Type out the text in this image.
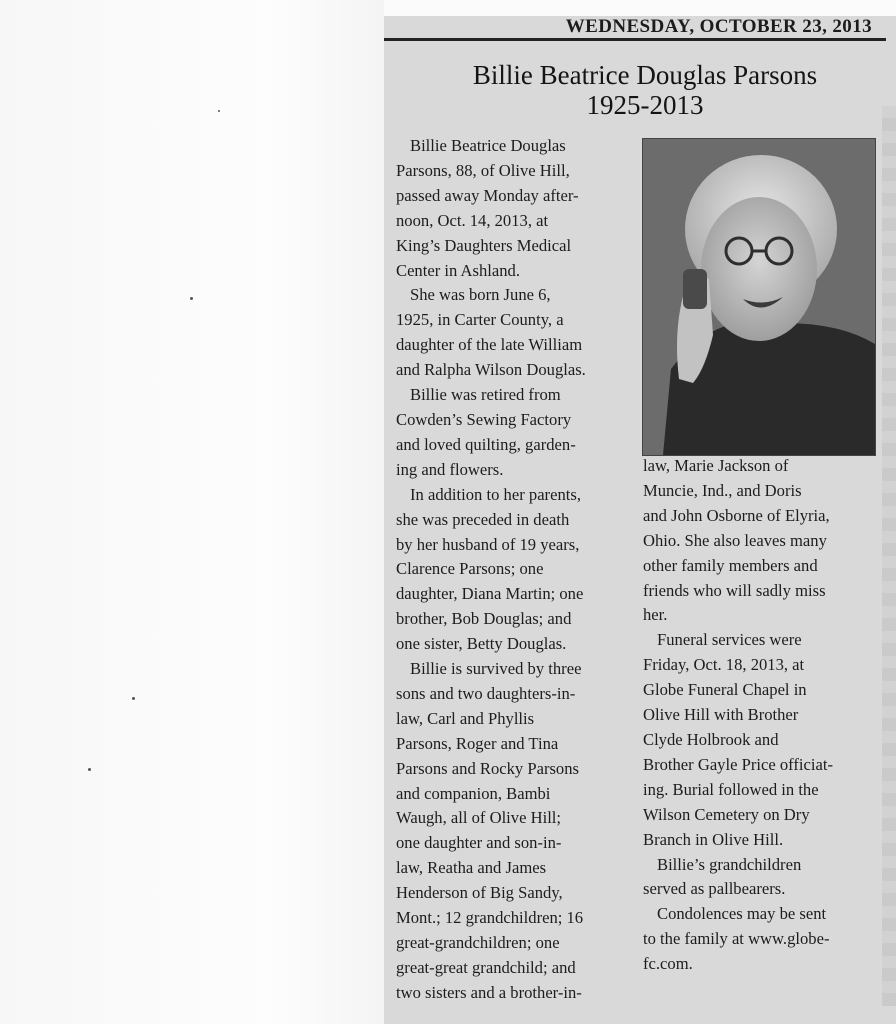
WEDNESDAY, OCTOBER 23, 2013
Billie Beatrice Douglas Parsons
1925-2013

Billie Beatrice Douglas

Parsons, 88, of Olive Hill,

passed away Monday after-

noon, Oct. 14, 2013, at

King’s Daughters Medical

Center in Ashland.

She was born June 6,

1925, in Carter County, a

daughter of the late William

and Ralpha Wilson Douglas.

Billie was retired from

Cowden’s Sewing Factory

and loved quilting, garden-

ing and flowers.

In addition to her parents,

she was preceded in death

by her husband of 19 years,

Clarence Parsons; one

daughter, Diana Martin; one

brother, Bob Douglas; and

one sister, Betty Douglas.

Billie is survived by three

sons and two daughters-in-

law, Carl and Phyllis

Parsons, Roger and Tina

Parsons and Rocky Parsons

and companion, Bambi

Waugh, all of Olive Hill;

one daughter and son-in-

law, Reatha and James

Henderson of Big Sandy,

Mont.; 12 grandchildren; 16

great-grandchildren; one

great-great grandchild; and

two sisters and a brother-in-

law, Marie Jackson of

Muncie, Ind., and Doris

and John Osborne of Elyria,

Ohio. She also leaves many

other family members and

friends who will sadly miss

her.

Funeral services were

Friday, Oct. 18, 2013, at

Globe Funeral Chapel in

Olive Hill with Brother

Clyde Holbrook and

Brother Gayle Price officiat-

ing. Burial followed in the

Wilson Cemetery on Dry

Branch in Olive Hill.

Billie’s grandchildren

served as pallbearers.

Condolences may be sent

to the family at www.globe-

fc.com.
